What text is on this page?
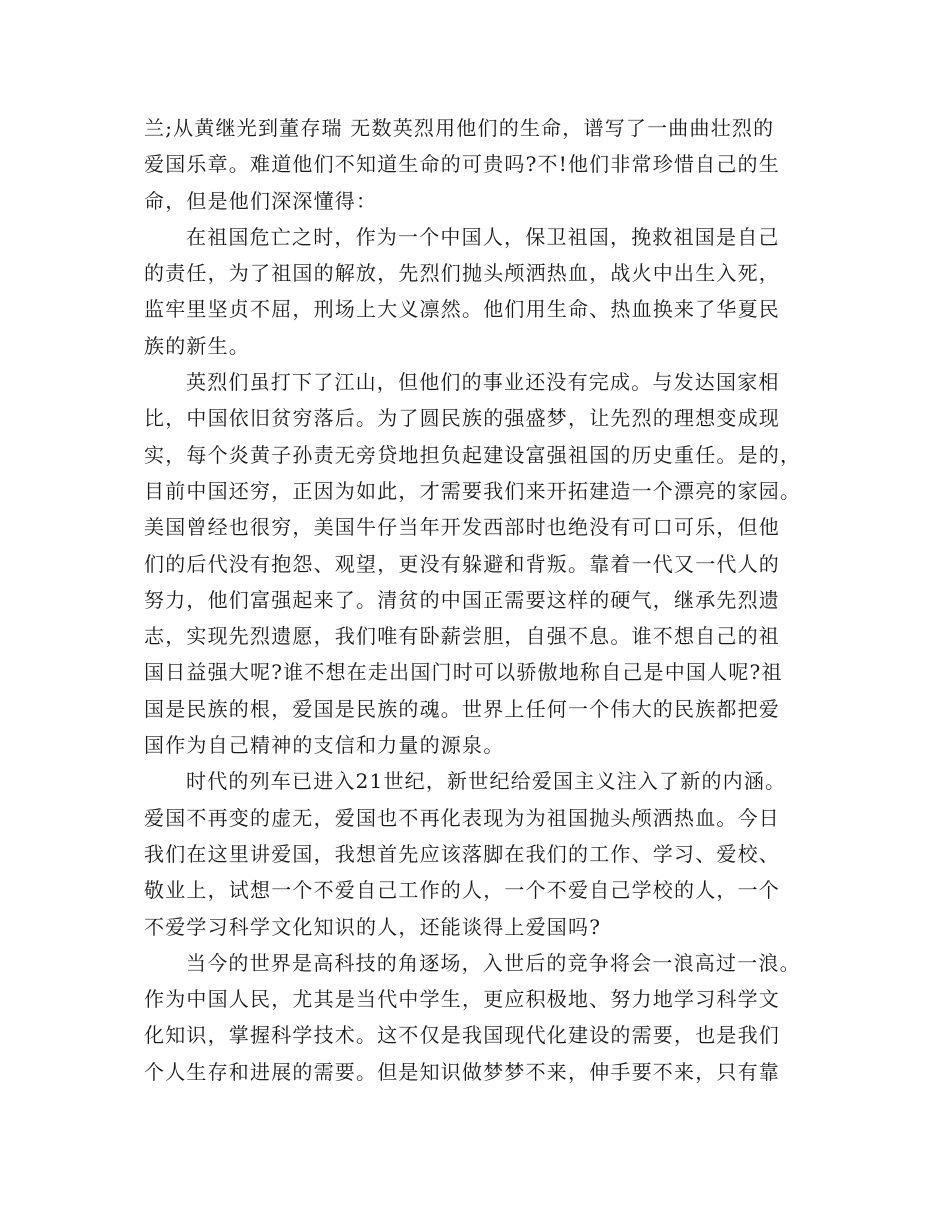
兰;从黄继光到董存瑞 无数英烈用他们的生命，谱写了一曲曲壮烈的
爱国乐章。难道他们不知道生命的可贵吗?不!他们非常珍惜自己的生
命，但是他们深深懂得：
在祖国危亡之时，作为一个中国人，保卫祖国，挽救祖国是自己
的责任，为了祖国的解放，先烈们抛头颅洒热血，战火中出生入死，
监牢里坚贞不屈，刑场上大义凛然。他们用生命、热血换来了华夏民
族的新生。
英烈们虽打下了江山，但他们的事业还没有完成。与发达国家相
比，中国依旧贫穷落后。为了圆民族的强盛梦，让先烈的理想变成现
实，每个炎黄子孙责无旁贷地担负起建设富强祖国的历史重任。是的，
目前中国还穷，正因为如此，才需要我们来开拓建造一个漂亮的家园。
美国曾经也很穷，美国牛仔当年开发西部时也绝没有可口可乐，但他
们的后代没有抱怨、观望，更没有躲避和背叛。靠着一代又一代人的
努力，他们富强起来了。清贫的中国正需要这样的硬气，继承先烈遗
志，实现先烈遗愿，我们唯有卧薪尝胆，自强不息。谁不想自己的祖
国日益强大呢?谁不想在走出国门时可以骄傲地称自己是中国人呢?祖
国是民族的根，爱国是民族的魂。世界上任何一个伟大的民族都把爱
国作为自己精神的支信和力量的源泉。
时代的列车已进入21世纪，新世纪给爱国主义注入了新的内涵。
爱国不再变的虚无，爱国也不再化表现为为祖国抛头颅洒热血。今日
我们在这里讲爱国，我想首先应该落脚在我们的工作、学习、爱校、
敬业上，试想一个不爱自己工作的人，一个不爱自己学校的人，一个
不爱学习科学文化知识的人，还能谈得上爱国吗?
当今的世界是高科技的角逐场，入世后的竞争将会一浪高过一浪。
作为中国人民，尤其是当代中学生，更应积极地、努力地学习科学文
化知识，掌握科学技术。这不仅是我国现代化建设的需要，也是我们
个人生存和进展的需要。但是知识做梦梦不来，伸手要不来，只有靠
